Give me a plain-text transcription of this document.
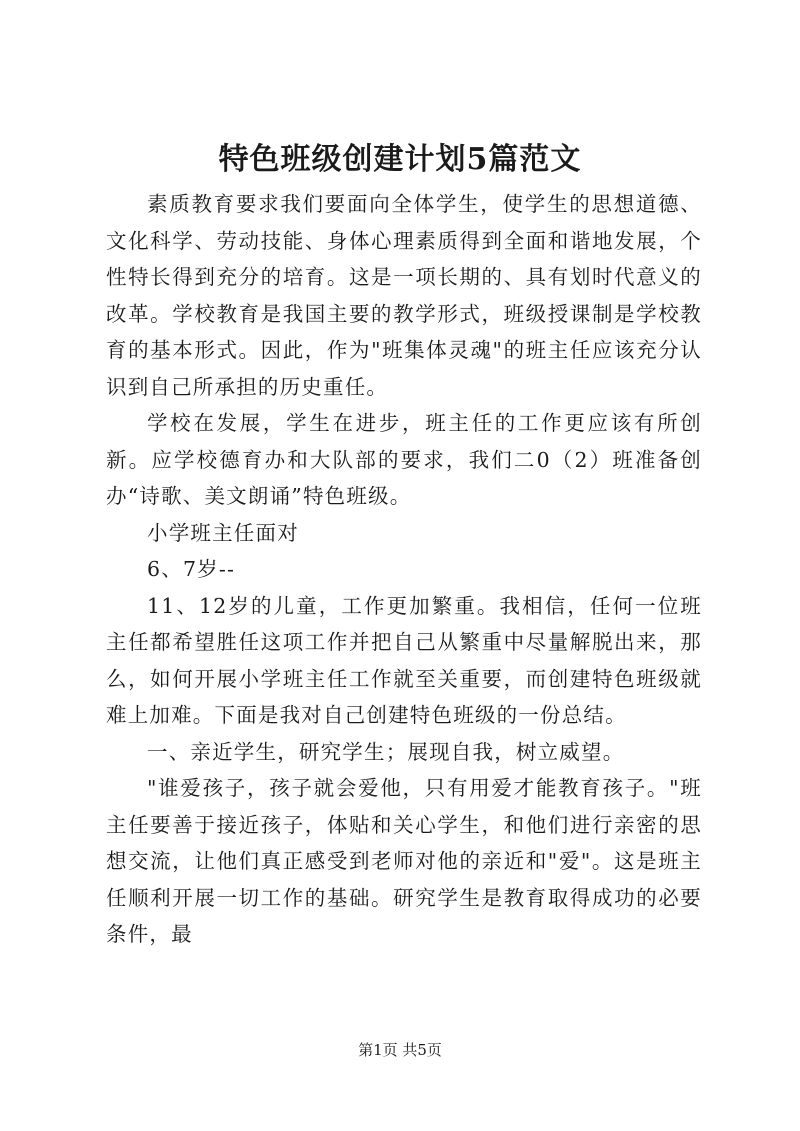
特色班级创建计划5篇范文

素质教育要求我们要面向全体学生，使学生的思想道德、文化科学、劳动技能、身体心理素质得到全面和谐地发展，个性特长得到充分的培育。这是一项长期的、具有划时代意义的改革。学校教育是我国主要的教学形式，班级授课制是学校教育的基本形式。因此，作为"班集体灵魂"的班主任应该充分认识到自己所承担的历史重任。

学校在发展，学生在进步，班主任的工作更应该有所创新。应学校德育办和大队部的要求，我们二0（2）班准备创办“诗歌、美文朗诵”特色班级。

小学班主任面对

6、7岁--

11、12岁的儿童，工作更加繁重。我相信，任何一位班主任都希望胜任这项工作并把自己从繁重中尽量解脱出来，那么，如何开展小学班主任工作就至关重要，而创建特色班级就难上加难。下面是我对自己创建特色班级的一份总结。

一、亲近学生，研究学生；展现自我，树立威望。

"谁爱孩子，孩子就会爱他，只有用爱才能教育孩子。"班主任要善于接近孩子，体贴和关心学生，和他们进行亲密的思想交流，让他们真正感受到老师对他的亲近和"爱"。这是班主任顺利开展一切工作的基础。研究学生是教育取得成功的必要条件，最

第1页 共5页
